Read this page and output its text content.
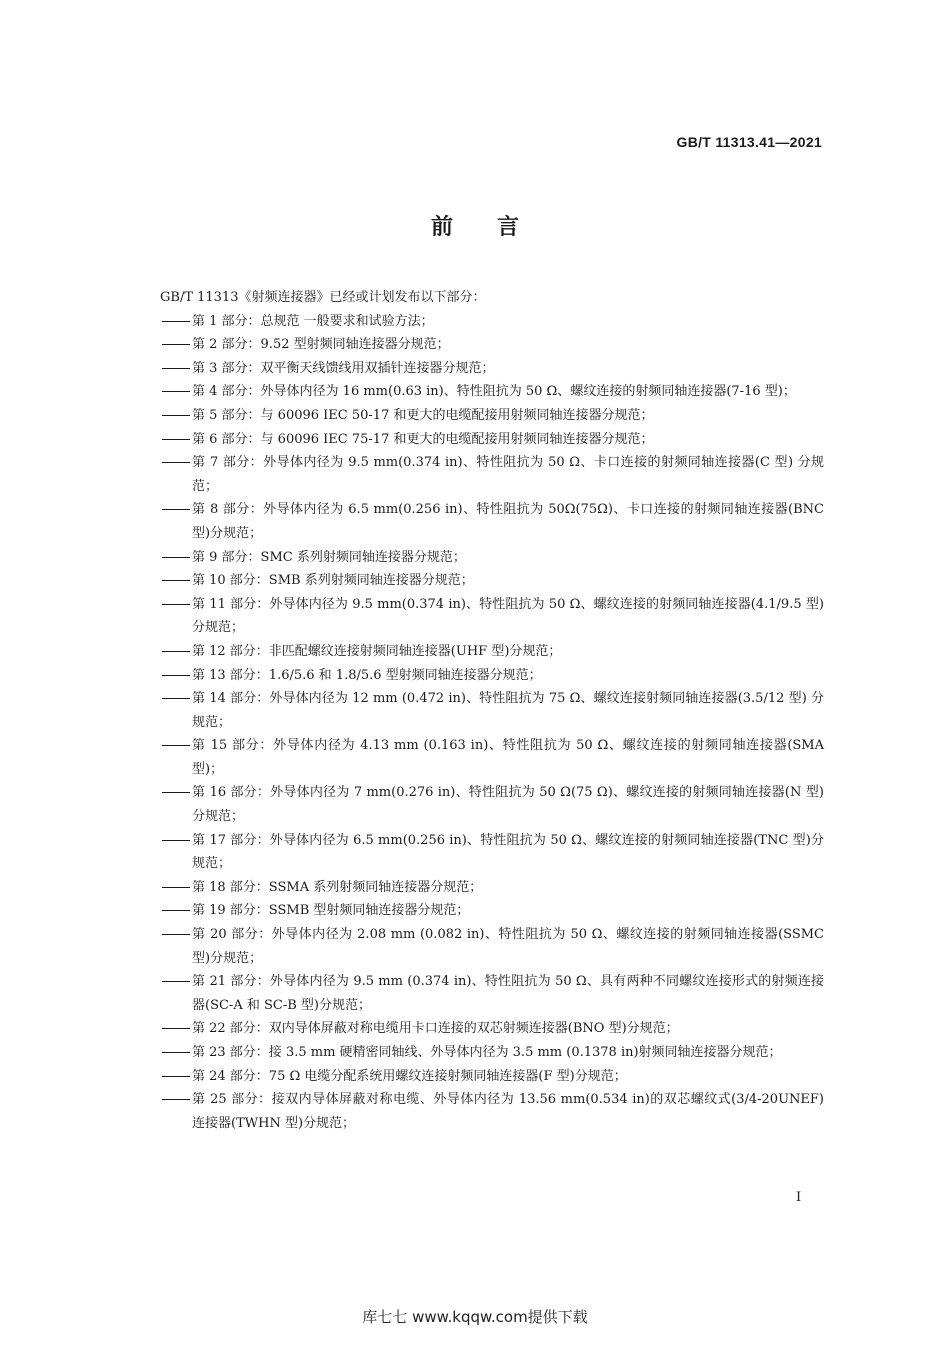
GB/T 11313.41—2021
前言

GB/T 11313《射频连接器》已经或计划发布以下部分：

第 1 部分：总规范 一般要求和试验方法；
第 2 部分：9.52 型射频同轴连接器分规范；
第 3 部分：双平衡天线馈线用双插针连接器分规范；
第 4 部分：外导体内径为 16 mm(0.63 in)、特性阻抗为 50 Ω、螺纹连接的射频同轴连接器(7-16 型)；
第 5 部分：与 60096 IEC 50-17 和更大的电缆配接用射频同轴连接器分规范；
第 6 部分：与 60096 IEC 75-17 和更大的电缆配接用射频同轴连接器分规范；
第 7 部分：外导体内径为 9.5 mm(0.374 in)、特性阻抗为 50 Ω、卡口连接的射频同轴连接器(C 型) 分规范；
第 8 部分：外导体内径为 6.5 mm(0.256 in)、特性阻抗为 50Ω(75Ω)、卡口连接的射频同轴连接器(BNC 型)分规范；
第 9 部分：SMC 系列射频同轴连接器分规范；
第 10 部分：SMB 系列射频同轴连接器分规范；
第 11 部分：外导体内径为 9.5 mm(0.374 in)、特性阻抗为 50 Ω、螺纹连接的射频同轴连接器(4.1/9.5 型)分规范；
第 12 部分：非匹配螺纹连接射频同轴连接器(UHF 型)分规范；
第 13 部分：1.6/5.6 和 1.8/5.6 型射频同轴连接器分规范；
第 14 部分：外导体内径为 12 mm (0.472 in)、特性阻抗为 75 Ω、螺纹连接射频同轴连接器(3.5/12 型) 分规范；
第 15 部分：外导体内径为 4.13 mm (0.163 in)、特性阻抗为 50 Ω、螺纹连接的射频同轴连接器(SMA 型)；
第 16 部分：外导体内径为 7 mm(0.276 in)、特性阻抗为 50 Ω(75 Ω)、螺纹连接的射频同轴连接器(N 型)分规范；
第 17 部分：外导体内径为 6.5 mm(0.256 in)、特性阻抗为 50 Ω、螺纹连接的射频同轴连接器(TNC 型)分规范；
第 18 部分：SSMA 系列射频同轴连接器分规范；
第 19 部分：SSMB 型射频同轴连接器分规范；
第 20 部分：外导体内径为 2.08 mm (0.082 in)、特性阻抗为 50 Ω、螺纹连接的射频同轴连接器(SSMC 型)分规范；
第 21 部分：外导体内径为 9.5 mm (0.374 in)、特性阻抗为 50 Ω、具有两种不同螺纹连接形式的射频连接器(SC-A 和 SC-B 型)分规范；
第 22 部分：双内导体屏蔽对称电缆用卡口连接的双芯射频连接器(BNO 型)分规范；
第 23 部分：接 3.5 mm 硬精密同轴线、外导体内径为 3.5 mm (0.1378 in)射频同轴连接器分规范；
第 24 部分：75 Ω 电缆分配系统用螺纹连接射频同轴连接器(F 型)分规范；
第 25 部分：接双内导体屏蔽对称电缆、外导体内径为 13.56 mm(0.534 in)的双芯螺纹式(3/4-20UNEF) 连接器(TWHN 型)分规范；
I
库七七 www.kqqw.com提供下载
